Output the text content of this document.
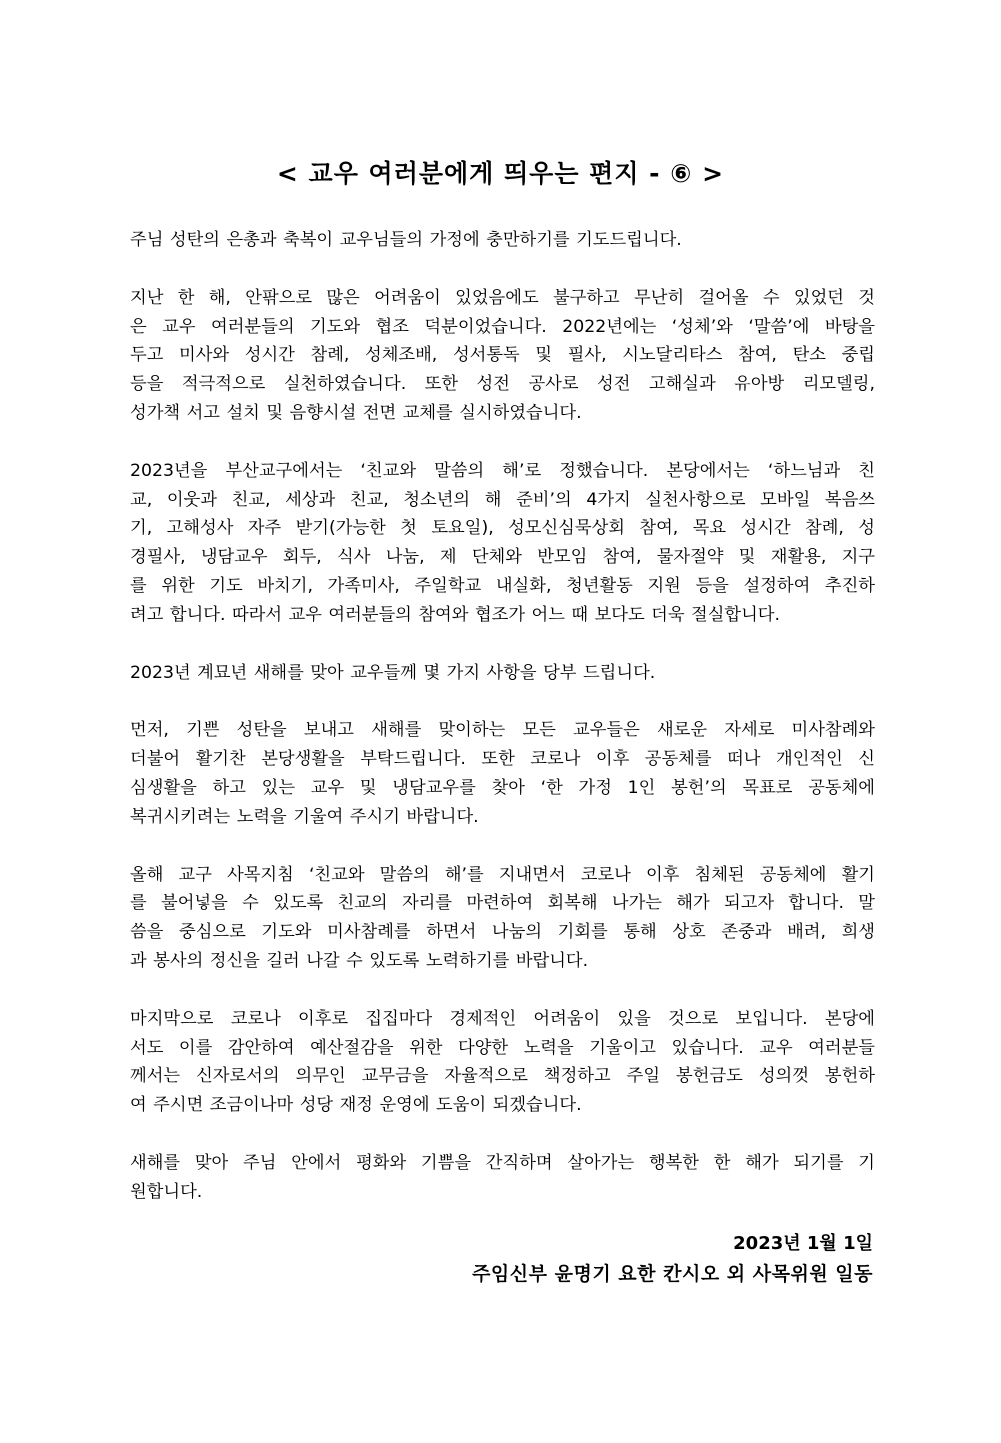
< 교우 여러분에게 띄우는 편지 - ⑥ >
주님 성탄의 은총과 축복이 교우님들의 가정에 충만하기를 기도드립니다.
지난 한 해, 안팎으로 많은 어려움이 있었음에도 불구하고 무난히 걸어올 수 있었던 것
은 교우 여러분들의 기도와 협조 덕분이었습니다. 2022년에는 ‘성체’와 ‘말씀’에 바탕을
두고 미사와 성시간 참례, 성체조배, 성서통독 및 필사, 시노달리타스 참여, 탄소 중립
등을 적극적으로 실천하였습니다. 또한 성전 공사로 성전 고해실과 유아방 리모델링,
성가책 서고 설치 및 음향시설 전면 교체를 실시하였습니다.
2023년을 부산교구에서는 ‘친교와 말씀의 해’로 정했습니다. 본당에서는 ‘하느님과 친
교, 이웃과 친교, 세상과 친교, 청소년의 해 준비’의 4가지 실천사항으로 모바일 복음쓰
기, 고해성사 자주 받기(가능한 첫 토요일), 성모신심묵상회 참여, 목요 성시간 참례, 성
경필사, 냉담교우 회두, 식사 나눔, 제 단체와 반모임 참여, 물자절약 및 재활용, 지구
를 위한 기도 바치기, 가족미사, 주일학교 내실화, 청년활동 지원 등을 설정하여 추진하
려고 합니다. 따라서 교우 여러분들의 참여와 협조가 어느 때 보다도 더욱 절실합니다.
2023년 계묘년 새해를 맞아 교우들께 몇 가지 사항을 당부 드립니다.
먼저, 기쁜 성탄을 보내고 새해를 맞이하는 모든 교우들은 새로운 자세로 미사참례와
더불어 활기찬 본당생활을 부탁드립니다. 또한 코로나 이후 공동체를 떠나 개인적인 신
심생활을 하고 있는 교우 및 냉담교우를 찾아 ‘한 가정 1인 봉헌’의 목표로 공동체에
복귀시키려는 노력을 기울여 주시기 바랍니다.
올해 교구 사목지침 ‘친교와 말씀의 해’를 지내면서 코로나 이후 침체된 공동체에 활기
를 불어넣을 수 있도록 친교의 자리를 마련하여 회복해 나가는 해가 되고자 합니다. 말
씀을 중심으로 기도와 미사참례를 하면서 나눔의 기회를 통해 상호 존중과 배려, 희생
과 봉사의 정신을 길러 나갈 수 있도록 노력하기를 바랍니다.
마지막으로 코로나 이후로 집집마다 경제적인 어려움이 있을 것으로 보입니다. 본당에
서도 이를 감안하여 예산절감을 위한 다양한 노력을 기울이고 있습니다. 교우 여러분들
께서는 신자로서의 의무인 교무금을 자율적으로 책정하고 주일 봉헌금도 성의껏 봉헌하
여 주시면 조금이나마 성당 재정 운영에 도움이 되겠습니다.
새해를 맞아 주님 안에서 평화와 기쁨을 간직하며 살아가는 행복한 한 해가 되기를 기
원합니다.
2023년 1월 1일
주임신부 윤명기 요한 칸시오 외 사목위원 일동
